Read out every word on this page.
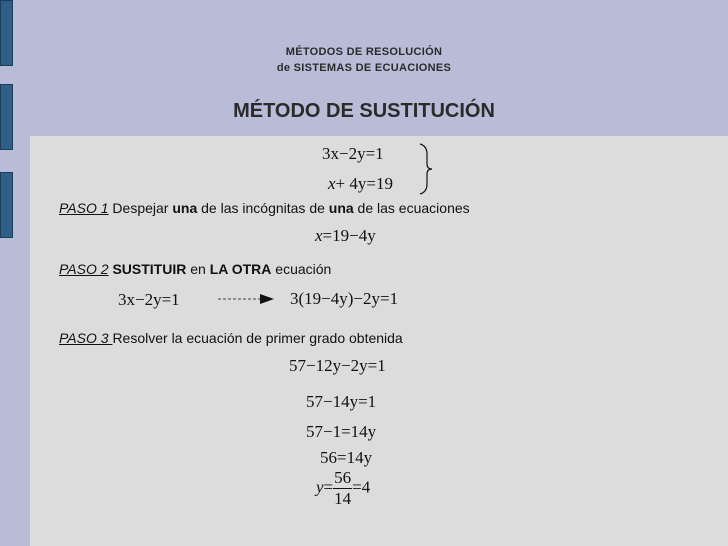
MÉTODOS DE RESOLUCIÓN
de SISTEMAS DE ECUACIONES
MÉTODO DE SUSTITUCIÓN
3x−2y=1
x+ 4y=19
PASO 1 Despejar una de las incógnitas de una de las ecuaciones
x=19−4y
PASO 2 SUSTITUIR en LA OTRA ecuación
3x−2y=1	3(19−4y)−2y=1
PASO 3 Resolver la ecuación de primer grado obtenida
57−12y−2y=1
57−14y=1
57−1=14y
56=14y
$y= \frac{56}{14} =4$
